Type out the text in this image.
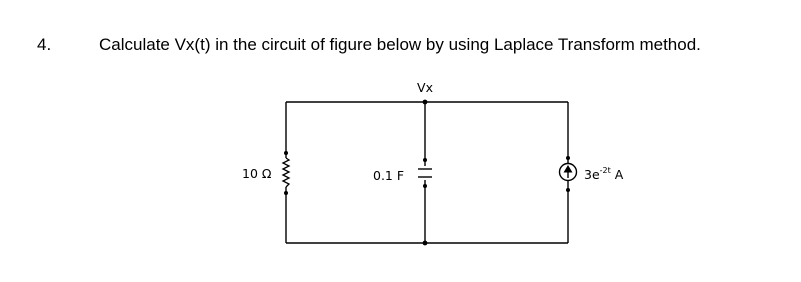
4.	Calculate Vx(t) in the circuit of figure below by using Laplace Transform method.
Vx
10 Ω	0.1 F	$3e^{-2t}$ A
